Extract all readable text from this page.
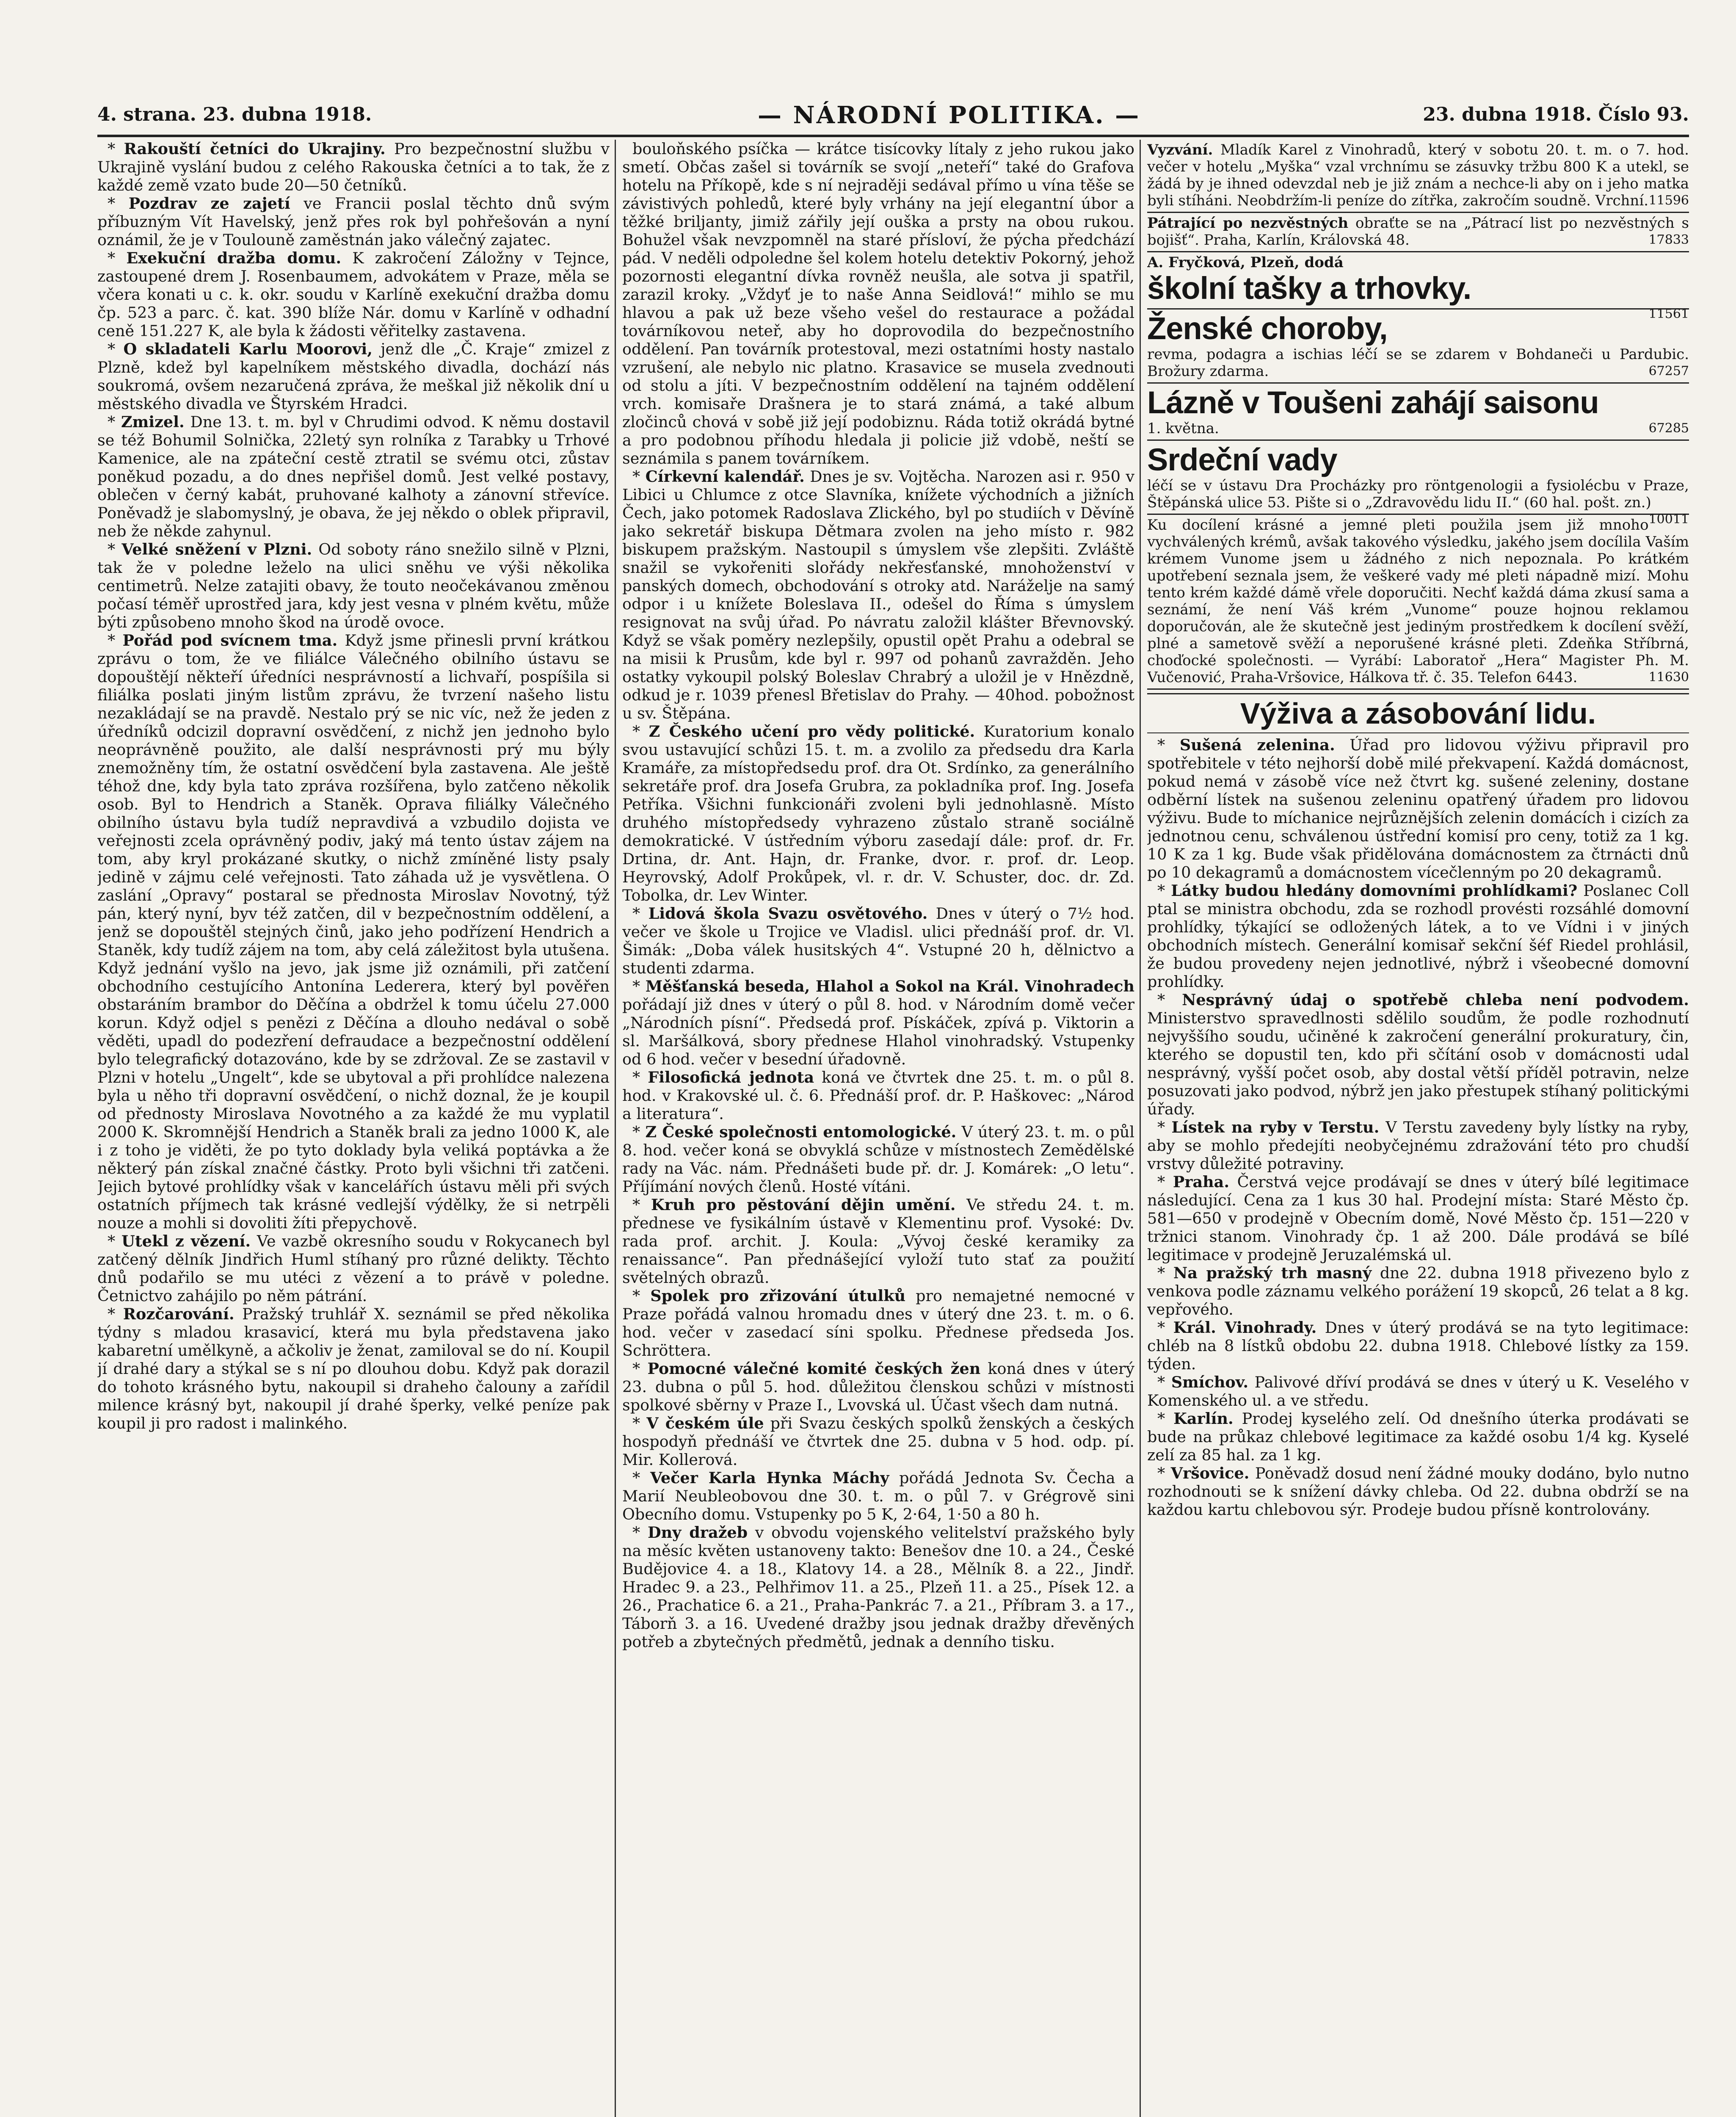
4. strana. 23. dubna 1918.	— NÁRODNÍ POLITIKA. —	23. dubna 1918. Číslo 93.

* Rakouští četníci do Ukrajiny. Pro bezpečnostní službu v Ukrajině vyslání budou z celého Rakouska četníci a to tak, že z každé země vzato bude 20—50 četníků.

* Pozdrav ze zajetí ve Francii poslal těchto dnů svým příbuzným Vít Havelský, jenž přes rok byl pohřešován a nyní oznámil, že je v Toulouně zaměstnán jako válečný zajatec.

* Exekuční dražba domu. K zakročení Záložny v Tejnce, zastoupené drem J. Rosenbaumem, advokátem v Praze, měla se včera konati u c. k. okr. soudu v Karlíně exekuční dražba domu čp. 523 a parc. č. kat. 390 blíže Nár. domu v Karlíně v odhadní ceně 151.227 K, ale byla k žádosti věřitelky zastavena.

* O skladateli Karlu Moorovi, jenž dle „Č. Kraje“ zmizel z Plzně, kdež byl kapelníkem městského divadla, dochází nás soukromá, ovšem nezaručená zpráva, že meškal již několik dní u městského divadla ve Štyrském Hradci.

* Zmizel. Dne 13. t. m. byl v Chrudimi odvod. K němu dostavil se též Bohumil Solnička, 22letý syn rolníka z Tarabky u Trhové Kamenice, ale na zpáteční cestě ztratil se svému otci, zůstav poněkud pozadu, a do dnes nepřišel domů. Jest velké postavy, oblečen v černý kabát, pruhované kalhoty a zánovní střevíce. Poněvadž je slabomyslný, je obava, že jej někdo o oblek připravil, neb že někde zahynul.

* Velké sněžení v Plzni. Od soboty ráno snežilo silně v Plzni, tak že v poledne leželo na ulici sněhu ve výši několika centimetrů. Nelze zatajiti obavy, že touto neočekávanou změnou počasí téměř uprostřed jara, kdy jest vesna v plném květu, může býti způsobeno mnoho škod na úrodě ovoce.

* Pořád pod svícnem tma. Když jsme přinesli první krátkou zprávu o tom, že ve filiálce Válečného obilního ústavu se dopouštějí někteří úředníci nesprávností a lichvaří, pospíšila si filiálka poslati jiným listům zprávu, že tvrzení našeho listu nezakládají se na pravdě. Nestalo prý se nic víc, než že jeden z úředníků odcizil dopravní osvědčení, z nichž jen jednoho bylo neoprávněně použito, ale další nesprávnosti prý mu býly znemožněny tím, že ostatní osvědčení byla zastavena. Ale ještě téhož dne, kdy byla tato zpráva rozšířena, bylo zatčeno několik osob. Byl to Hendrich a Staněk. Oprava filiálky Válečného obilního ústavu byla tudíž nepravdivá a vzbudilo dojista ve veřejnosti zcela oprávněný podiv, jaký má tento ústav zájem na tom, aby kryl prokázané skutky, o nichž zmíněné listy psaly jedině v zájmu celé veřejnosti. Tato záhada už je vysvětlena. O zaslání „Opravy“ postaral se přednosta Miroslav Novotný, týž pán, který nyní, byv též zatčen, dil v bezpečnostním oddělení, a jenž se dopouštěl stejných činů, jako jeho podřízení Hendrich a Staněk, kdy tudíž zájem na tom, aby celá záležitost byla utušena. Když jednání vyšlo na jevo, jak jsme již oznámili, při zatčení obchodního cestujícího Antonína Lederera, který byl pověřen obstaráním brambor do Děčína a obdržel k tomu účelu 27.000 korun. Když odjel s penězi z Děčína a dlouho nedával o sobě věděti, upadl do podezření defraudace a bezpečnostní oddělení bylo telegrafický dotazováno, kde by se zdržoval. Ze se zastavil v Plzni v hotelu „Ungelt“, kde se ubytoval a při prohlídce nalezena byla u něho tři dopravní osvědčení, o nichž doznal, že je koupil od přednosty Miroslava Novotného a za každé že mu vyplatil 2000 K. Skromnější Hendrich a Staněk brali za jedno 1000 K, ale i z toho je viděti, že po tyto doklady byla veliká poptávka a že některý pán získal značné částky. Proto byli všichni tři zatčeni. Jejich bytové prohlídky však v kancelářích ústavu měli při svých ostatních příjmech tak krásné vedlejší výdělky, že si netrpěli nouze a mohli si dovoliti žíti přepychově.

* Utekl z vězení. Ve vazbě okresního soudu v Rokycanech byl zatčený dělník Jindřich Huml stíhaný pro různé delikty. Těchto dnů podařilo se mu utéci z vězení a to právě v poledne. Četnictvo zahájilo po něm pátrání.

* Rozčarování. Pražský truhlář X. seznámil se před několika týdny s mladou krasavicí, která mu byla představena jako kabaretní umělkyně, a ačkoliv je ženat, zamiloval se do ní. Koupil jí drahé dary a stýkal se s ní po dlouhou dobu. Když pak dorazil do tohoto krásného bytu, nakoupil si draheho čalouny a zařídil milence krásný byt, nakoupil jí drahé šperky, velké peníze pak koupil ji pro radost i malinkého.

bouloňského psíčka — krátce tisícovky lítaly z jeho rukou jako smetí. Občas zašel si továrník se svojí „neteří“ také do Grafova hotelu na Příkopě, kde s ní nejraději sedával přímo u vína těše se závistivých pohledů, které byly vrhány na její elegantní úbor a těžké briljanty, jimiž zářily její ouška a prsty na obou rukou. Bohužel však nevzpomněl na staré přísloví, že pýcha předchází pád. V neděli odpoledne šel kolem hotelu detektiv Pokorný, jehož pozornosti elegantní dívka rovněž neušla, ale sotva ji spatřil, zarazil kroky. „Vždyť je to naše Anna Seidlová!“ mihlo se mu hlavou a pak už beze všeho vešel do restaurace a požádal továrníkovou neteř, aby ho doprovodila do bezpečnostního oddělení. Pan továrník protestoval, mezi ostatními hosty nastalo vzrušení, ale nebylo nic platno. Krasavice se musela zvednouti od stolu a jíti. V bezpečnostním oddělení na tajném oddělení vrch. komisaře Drašnera je to stará známá, a také album zločinců chová v sobě již její podobiznu. Ráda totiž okrádá bytné a pro podobnou příhodu hledala ji policie již vdobě, neští se seznámila s panem továrníkem.

* Církevní kalendář. Dnes je sv. Vojtěcha. Narozen asi r. 950 v Libici u Chlumce z otce Slavníka, knížete východních a jižních Čech, jako potomek Radoslava Zlického, byl po studiích v Děvíně jako sekretář biskupa Dětmara zvolen na jeho místo r. 982 biskupem pražským. Nastoupil s úmyslem vše zlepšiti. Zvláště snažil se vykořeniti slořády nekřesťanské, mnohoženství v panských domech, obchodování s otroky atd. Naráželje na samý odpor i u knížete Boleslava II., odešel do Říma s úmyslem resignovat na svůj úřad. Po návratu založil klášter Břevnovský. Když se však poměry nezlepšily, opustil opět Prahu a odebral se na misii k Prusům, kde byl r. 997 od pohanů zavražděn. Jeho ostatky vykoupil polský Boleslav Chrabrý a uložil je v Hnězdně, odkud je r. 1039 přenesl Břetislav do Prahy. — 40hod. pobožnost u sv. Štěpána.

* Z Českého učení pro vědy politické. Kuratorium konalo svou ustavující schůzi 15. t. m. a zvolilo za předsedu dra Karla Kramáře, za místopředsedu prof. dra Ot. Srdínko, za generálního sekretáře prof. dra Josefa Grubra, za pokladníka prof. Ing. Josefa Petříka. Všichni funkcionáři zvoleni byli jednohlasně. Místo druhého místopředsedy vyhrazeno zůstalo straně sociálně demokratické. V ústředním výboru zasedají dále: prof. dr. Fr. Drtina, dr. Ant. Hajn, dr. Franke, dvor. r. prof. dr. Leop. Heyrovský, Adolf Prokůpek, vl. r. dr. V. Schuster, doc. dr. Zd. Tobolka, dr. Lev Winter.

* Lidová škola Svazu osvětového. Dnes v úterý o 7½ hod. večer ve škole u Trojice ve Vladisl. ulici přednáší prof. dr. Vl. Šimák: „Doba válek husitských 4“. Vstupné 20 h, dělnictvo a studenti zdarma.

* Měšťanská beseda, Hlahol a Sokol na Král. Vinohradech pořádají již dnes v úterý o půl 8. hod. v Národním domě večer „Národních písní“. Předsedá prof. Pískáček, zpívá p. Viktorin a sl. Maršálková, sbory přednese Hlahol vinohradský. Vstupenky od 6 hod. večer v besední úřadovně.

* Filosofická jednota koná ve čtvrtek dne 25. t. m. o půl 8. hod. v Krakovské ul. č. 6. Přednáší prof. dr. P. Haškovec: „Národ a literatura“.

* Z České společnosti entomologické. V úterý 23. t. m. o půl 8. hod. večer koná se obvyklá schůze v místnostech Zemědělské rady na Vác. nám. Přednášeti bude př. dr. J. Komárek: „O letu“. Příjímání nových členů. Hosté vítáni.

* Kruh pro pěstování dějin umění. Ve středu 24. t. m. přednese ve fysikálním ústavě v Klementinu prof. Vysoké: Dv. rada prof. archit. J. Koula: „Vývoj české keramiky za renaissance“. Pan přednášející vyloží tuto stať za použití světelných obrazů.

* Spolek pro zřizování útulků pro nemajetné nemocné v Praze pořádá valnou hromadu dnes v úterý dne 23. t. m. o 6. hod. večer v zasedací síni spolku. Přednese předseda Jos. Schröttera.

* Pomocné válečné komité českých žen koná dnes v úterý 23. dubna o půl 5. hod. důležitou členskou schůzi v místnosti spolkové sběrny v Praze I., Lvovská ul. Účast všech dam nutná.

* V českém úle při Svazu českých spolků ženských a českých hospodyň přednáší ve čtvrtek dne 25. dubna v 5 hod. odp. pí. Mir. Kollerová.

* Večer Karla Hynka Máchy pořádá Jednota Sv. Čecha a Marií Neubleobovou dne 30. t. m. o půl 7. v Grégrově sini Obecního domu. Vstupenky po 5 K, 2·64, 1·50 a 80 h.

* Dny dražeb v obvodu vojenského velitelství pražského byly na měsíc květen ustanoveny takto: Benešov dne 10. a 24., České Budějovice 4. a 18., Klatovy 14. a 28., Mělník 8. a 22., Jindř. Hradec 9. a 23., Pelhřimov 11. a 25., Plzeň 11. a 25., Písek 12. a 26., Prachatice 6. a 21., Praha-Pankrác 7. a 21., Příbram 3. a 17., Táborň 3. a 16. Uvedené dražby jsou jednak dražby dřevěných potřeb a zbytečných předmětů, jednak a denního tisku.

Vyzvání. Mladík Karel z Vinohradů, který v sobotu 20. t. m. o 7. hod. večer v hotelu „Myška“ vzal vrchnímu se zásuvky tržbu 800 K a utekl, se žádá by je ihned odevzdal neb je již znám a nechce-li aby on i jeho matka byli stíháni. Neobdržím-li peníze do zítřka, zakročím soudně. Vrchní. 11596
Pátrající po nezvěstných obraťte se na „Pátrací list po nezvěstných s bojišť“. Praha, Karlín, Královská 48.	17833
A. Fryčková, Plzeň, dodá
školní tašky a trhovky.
11561
Ženské choroby,
revma, podagra a ischias léčí se se zdarem v Bohdaneči u Pardubic. Brožury zdarma.	67257
Lázně v Toušeni zahájí saisonu
1. května.	67285
Srdeční vady
léčí se v ústavu Dra Procházky pro röntgenologii a fysiolécbu v Praze, Štěpánská ulice 53. Pište si o „Zdravovědu lidu II.“ (60 hal. pošt. zn.)
10011
Ku docílení krásné a jemné pleti použila jsem již mnoho vychválených krémů, avšak takového výsledku, jakého jsem docílila Vaším krémem Vunome jsem u žádného z nich nepoznala. Po krátkém upotřebení seznala jsem, že veškeré vady mé pleti nápadně mizí. Mohu tento krém každé dámě vřele doporučiti. Nechť každá dáma zkusí sama a seznámí, že není Váš krém „Vunome“ pouze hojnou reklamou doporučován, ale že skutečně jest jediným prostředkem k docílení svěží, plné a sametově svěží a neporušené krásné pleti. Zdeňka Stříbrná, choďocké společnosti. — Vyrábí: Laboratoř „Hera“ Magister Ph. M. Vučenović, Praha-Vršovice, Hálkova tř. č. 35. Telefon 6443.	11630
Výživa a zásobování lidu.

* Sušená zelenina. Úřad pro lidovou výživu připravil pro spotřebitele v této nejhorší době milé překvapení. Každá domácnost, pokud nemá v zásobě více než čtvrt kg. sušené zeleniny, dostane odběrní lístek na sušenou zeleninu opatřený úřadem pro lidovou výživu. Bude to míchanice nejrůznějších zelenin domácích i cizích za jednotnou cenu, schválenou ústřední komisí pro ceny, totiž za 1 kg. 10 K za 1 kg. Bude však přidělována domácnostem za čtrnácti dnů po 10 dekagramů a domácnostem vícečlenným po 20 dekagramů.

* Látky budou hledány domovními prohlídkami? Poslanec Coll ptal se ministra obchodu, zda se rozhodl provésti rozsáhlé domovní prohlídky, týkající se odložených látek, a to ve Vídni i v jiných obchodních místech. Generální komisař sekční šéf Riedel prohlásil, že budou provedeny nejen jednotlivé, nýbrž i všeobecné domovní prohlídky.

* Nesprávný údaj o spotřebě chleba není podvodem. Ministerstvo spravedlnosti sdělilo soudům, že podle rozhodnutí nejvyššího soudu, učiněné k zakročení generální prokuratury, čin, kterého se dopustil ten, kdo při sčítání osob v domácnosti udal nesprávný, vyšší počet osob, aby dostal větší příděl potravin, nelze posuzovati jako podvod, nýbrž jen jako přestupek stíhaný politickými úřady.

* Lístek na ryby v Terstu. V Terstu zavedeny byly lístky na ryby, aby se mohlo předejíti neobyčejnému zdražování této pro chudší vrstvy důležité potraviny.

* Praha. Čerstvá vejce prodávají se dnes v úterý bílé legitimace následující. Cena za 1 kus 30 hal. Prodejní místa: Staré Město čp. 581—650 v prodejně v Obecním domě, Nové Město čp. 151—220 v tržnici stanom. Vinohrady čp. 1 až 200. Dále prodává se bílé legitimace v prodejně Jeruzalémská ul.

* Na pražský trh masný dne 22. dubna 1918 přivezeno bylo z venkova podle záznamu velkého porážení 19 skopců, 26 telat a 8 kg. vepřového.

* Král. Vinohrady. Dnes v úterý prodává se na tyto legitimace: chléb na 8 lístků obdobu 22. dubna 1918. Chlebové lístky za 159. týden.

* Smíchov. Palivové dříví prodává se dnes v úterý u K. Veselého v Komenského ul. a ve středu.

* Karlín. Prodej kyselého zelí. Od dnešního úterka prodávati se bude na průkaz chlebové legitimace za každé osobu 1/4 kg. Kyselé zelí za 85 hal. za 1 kg.

* Vršovice. Poněvadž dosud není žádné mouky dodáno, bylo nutno rozhodnouti se k snížení dávky chleba. Od 22. dubna obdrží se na každou kartu chlebovou sýr. Prodeje budou přísně kontrolovány.
